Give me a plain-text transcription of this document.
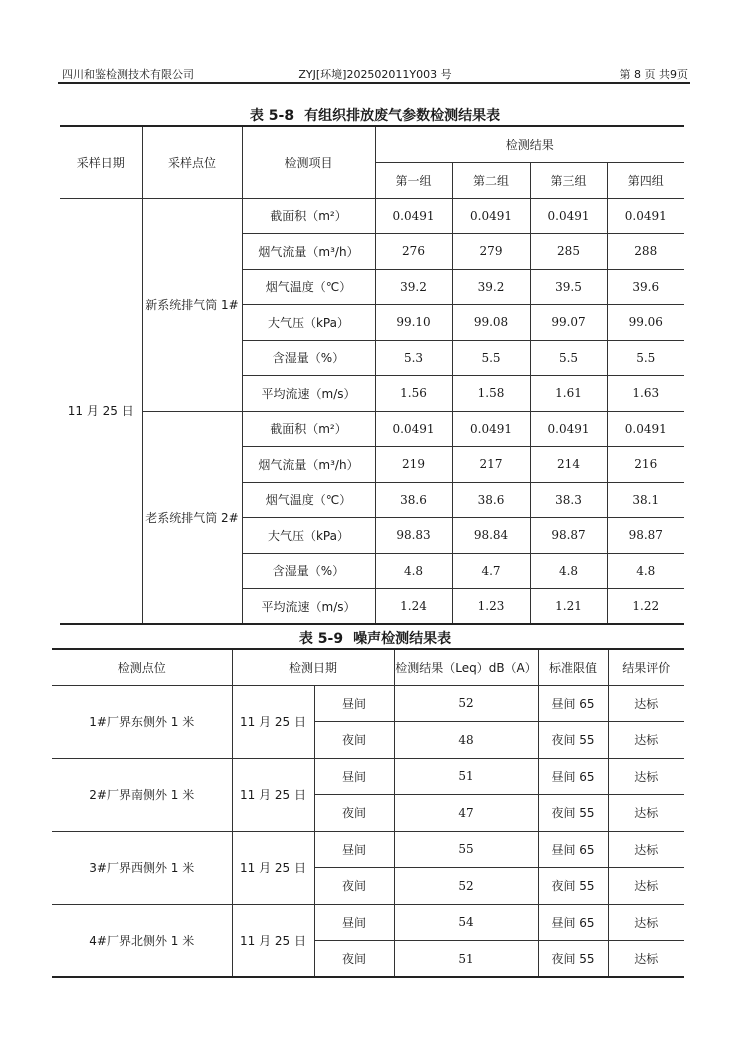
四川和鉴检测技术有限公司	ZYJ[环境]202502011Y003 号	第 8 页 共9页
表 5-8 有组织排放废气参数检测结果表
采样日期	采样点位	检测项目	检测结果			
			第一组	第二组	第三组	第四组
11 月 25 日	新系统排气筒 1#	截面积（m²）	0.0491	0.0491	0.0491	0.0491
		烟气流量（m³/h）	276	279	285	288
		烟气温度（℃）	39.2	39.2	39.5	39.6
		大气压（kPa）	99.10	99.08	99.07	99.06
		含湿量（%）	5.3	5.5	5.5	5.5
		平均流速（m/s）	1.56	1.58	1.61	1.63
	老系统排气筒 2#	截面积（m²）	0.0491	0.0491	0.0491	0.0491
		烟气流量（m³/h）	219	217	214	216
		烟气温度（℃）	38.6	38.6	38.3	38.1
		大气压（kPa）	98.83	98.84	98.87	98.87
		含湿量（%）	4.8	4.7	4.8	4.8
		平均流速（m/s）	1.24	1.23	1.21	1.22
表 5-9 噪声检测结果表
检测点位	检测日期		检测结果（Leq）dB（A）	标准限值	结果评价
1#厂界东侧外 1 米	11 月 25 日	昼间	52	昼间 65	达标
		夜间	48	夜间 55	达标
2#厂界南侧外 1 米	11 月 25 日	昼间	51	昼间 65	达标
		夜间	47	夜间 55	达标
3#厂界西侧外 1 米	11 月 25 日	昼间	55	昼间 65	达标
		夜间	52	夜间 55	达标
4#厂界北侧外 1 米	11 月 25 日	昼间	54	昼间 65	达标
		夜间	51	夜间 55	达标
